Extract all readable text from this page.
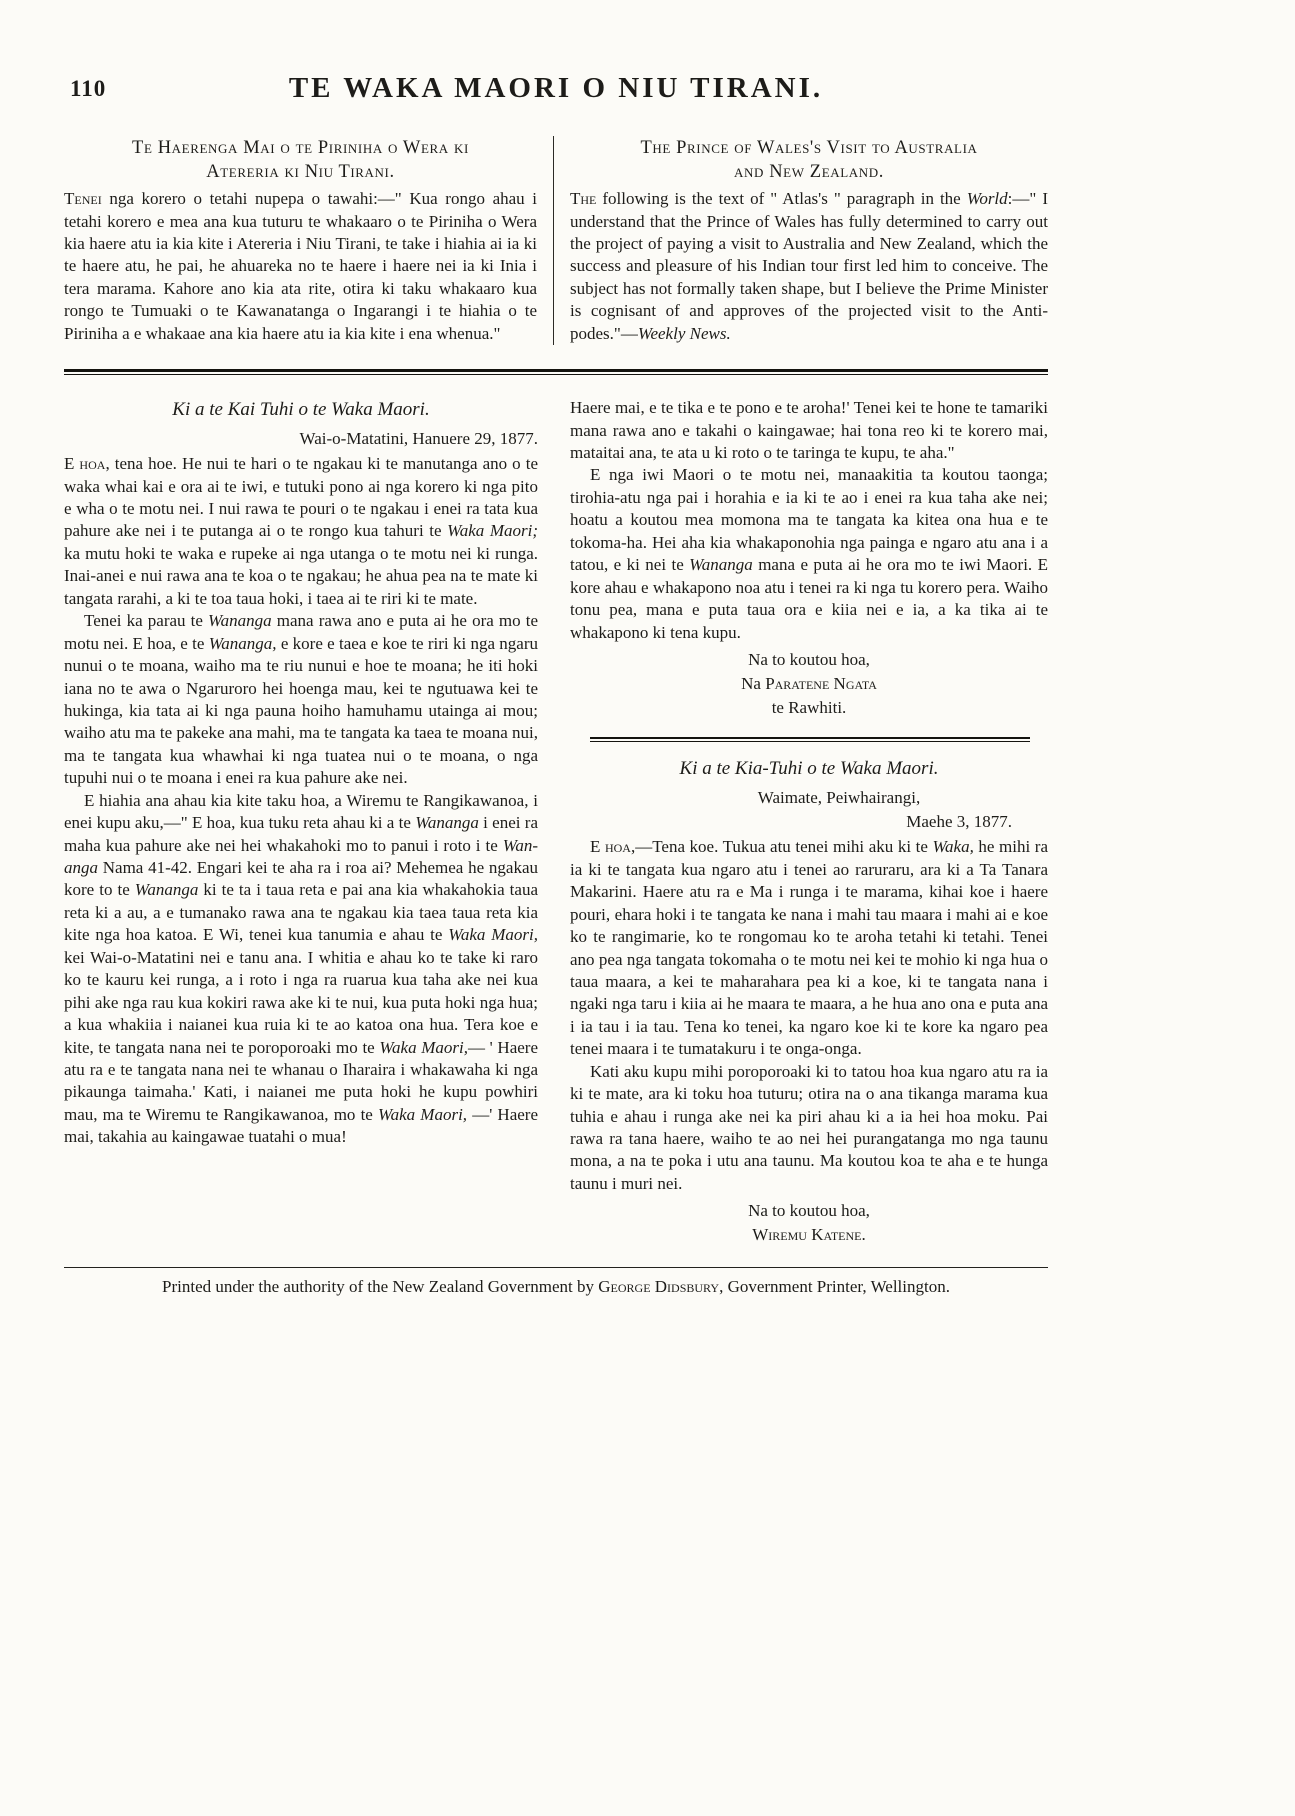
110	TE WAKA MAORI O NIU TIRANI.
Te Haerenga Mai o te Piriniha o Wera ki
Atereria ki Niu Tirani.

Tenei nga korero o tetahi nupepa o tawahi:—" Kua rongo ahau i tetahi korero e mea ana kua tuturu te whakaaro o te Piriniha o Wera kia haere atu ia kia kite i Atereria i Niu Tirani, te take i hiahia ai ia ki te haere atu, he pai, he ahuareka no te haere i haere nei ia ki Inia i tera marama. Kahore ano kia ata rite, otira ki taku whakaaro kua rongo te Tumuaki o te Kawanatanga o Ingarangi i te hiahia o te Piriniha a e whakaae ana kia haere atu ia kia kite i ena whenua."

The Prince of Wales's Visit to Australia
and New Zealand.

The following is the text of " Atlas's " paragraph in the World:—" I understand that the Prince of Wales has fully determined to carry out the project of paying a visit to Australia and New Zealand, which the success and pleasure of his Indian tour first led him to conceive. The subject has not formally taken shape, but I believe the Prime Minister is cognisant of and approves of the projected visit to the Anti-podes."—Weekly News.

Ki a te Kai Tuhi o te Waka Maori.

Wai-o-Matatini, Hanuere 29, 1877.

E hoa, tena hoe. He nui te hari o te ngakau ki te manutanga ano o te waka whai kai e ora ai te iwi, e tutuki pono ai nga korero ki nga pito e wha o te motu nei. I nui rawa te pouri o te ngakau i enei ra tata kua pahure ake nei i te putanga ai o te rongo kua tahuri te Waka Maori; ka mutu hoki te waka e rupeke ai nga utanga o te motu nei ki runga. Inai-anei e nui rawa ana te koa o te ngakau; he ahua pea na te mate ki tangata rarahi, a ki te toa taua hoki, i taea ai te riri ki te mate.

Tenei ka parau te Wananga mana rawa ano e puta ai he ora mo te motu nei. E hoa, e te Wananga, e kore e taea e koe te riri ki nga ngaru nunui o te moana, waiho ma te riu nunui e hoe te moana; he iti hoki iana no te awa o Ngaruroro hei hoenga mau, kei te ngutuawa kei te hukinga, kia tata ai ki nga pauna hoiho hamuhamu utainga ai mou; waiho atu ma te pakeke ana mahi, ma te tangata ka taea te moana nui, ma te tangata kua whawhai ki nga tuatea nui o te moana, o nga tupuhi nui o te moana i enei ra kua pahure ake nei.

E hiahia ana ahau kia kite taku hoa, a Wiremu te Rangikawanoa, i enei kupu aku,—" E hoa, kua tuku reta ahau ki a te Wananga i enei ra maha kua pahure ake nei hei whakahoki mo to panui i roto i te Wan-anga Nama 41-42. Engari kei te aha ra i roa ai? Mehemea he ngakau kore to te Wananga ki te ta i taua reta e pai ana kia whakahokia taua reta ki a au, a e tumanako rawa ana te ngakau kia taea taua reta kia kite nga hoa katoa. E Wi, tenei kua tanumia e ahau te Waka Maori, kei Wai-o-Matatini nei e tanu ana. I whitia e ahau ko te take ki raro ko te kauru kei runga, a i roto i nga ra ruarua kua taha ake nei kua pihi ake nga rau kua kokiri rawa ake ki te nui, kua puta hoki nga hua; a kua whakiia i naianei kua ruia ki te ao katoa ona hua. Tera koe e kite, te tangata nana nei te poroporoaki mo te Waka Maori,— ' Haere atu ra e te tangata nana nei te whanau o Iharaira i whakawaha ki nga pikaunga taimaha.' Kati, i naianei me puta hoki he kupu powhiri mau, ma te Wiremu te Rangikawanoa, mo te Waka Maori, —' Haere mai, takahia au kaingawae tuatahi o mua!

Haere mai, e te tika e te pono e te aroha!' Tenei kei te hone te tamariki mana rawa ano e takahi o kaingawae; hai tona reo ki te korero mai, mataitai ana, te ata u ki roto o te taringa te kupu, te aha."

E nga iwi Maori o te motu nei, manaakitia ta koutou taonga; tirohia-atu nga pai i horahia e ia ki te ao i enei ra kua taha ake nei; hoatu a koutou mea momona ma te tangata ka kitea ona hua e te tokoma-ha. Hei aha kia whakaponohia nga painga e ngaro atu ana i a tatou, e ki nei te Wananga mana e puta ai he ora mo te iwi Maori. E kore ahau e whakapono noa atu i tenei ra ki nga tu korero pera. Waiho tonu pea, mana e puta taua ora e kiia nei e ia, a ka tika ai te whakapono ki tena kupu.

Na to koutou hoa,

Na Paratene Ngata

te Rawhiti.

Ki a te Kia-Tuhi o te Waka Maori.

Waimate, Peiwhairangi,

Maehe 3, 1877.

E hoa,—Tena koe. Tukua atu tenei mihi aku ki te Waka, he mihi ra ia ki te tangata kua ngaro atu i tenei ao raruraru, ara ki a Ta Tanara Makarini. Haere atu ra e Ma i runga i te marama, kihai koe i haere pouri, ehara hoki i te tangata ke nana i mahi tau maara i mahi ai e koe ko te rangimarie, ko te rongomau ko te aroha tetahi ki tetahi. Tenei ano pea nga tangata tokomaha o te motu nei kei te mohio ki nga hua o taua maara, a kei te maharahara pea ki a koe, ki te tangata nana i ngaki nga taru i kiia ai he maara te maara, a he hua ano ona e puta ana i ia tau i ia tau. Tena ko tenei, ka ngaro koe ki te kore ka ngaro pea tenei maara i te tumatakuru i te onga-onga.

Kati aku kupu mihi poroporoaki ki to tatou hoa kua ngaro atu ra ia ki te mate, ara ki toku hoa tuturu; otira na o ana tikanga marama kua tuhia e ahau i runga ake nei ka piri ahau ki a ia hei hoa moku. Pai rawa ra tana haere, waiho te ao nei hei purangatanga mo nga taunu mona, a na te poka i utu ana taunu. Ma koutou koa te aha e te hunga taunu i muri nei.

Na to koutou hoa,

Wiremu Katene.

Printed under the authority of the New Zealand Government by George Didsbury, Government Printer, Wellington.
